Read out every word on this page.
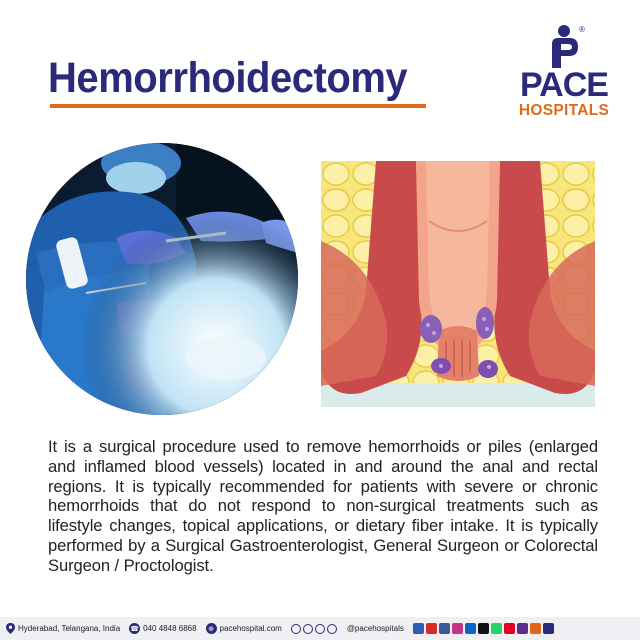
Hemorrhoidectomy
®
PACE
HOSPITALS

It is a surgical procedure used to remove hemorrhoids or piles (enlarged and inflamed blood vessels) located in and around the anal and rectal regions. It is typically recommended for patients with severe or chronic hemorrhoids that do not respond to non-surgical treatments such as lifestyle changes, topical applications, or dietary fiber intake. It is typically performed by a Surgical Gastroenterologist, General Surgeon or Colorectal Surgeon / Proctologist.

Hyderabad, Telangana, India ☎ 040 4848 6868	⊕ pacehospital.com	@pacehospitals
